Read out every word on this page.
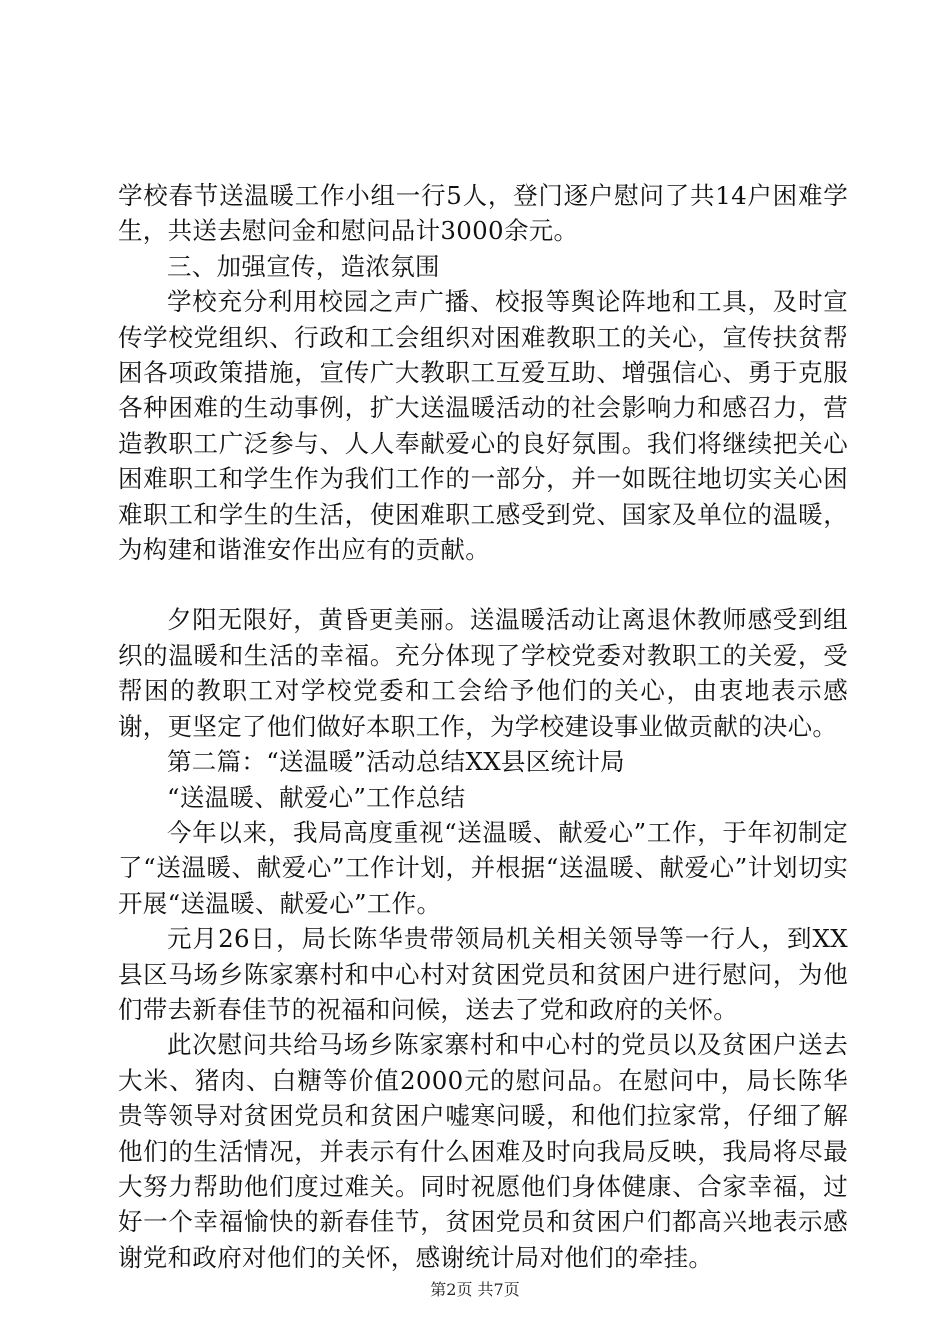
学校春节送温暖工作小组一行5人，登门逐户慰问了共14户困难学生，共送去慰问金和慰问品计3000余元。

三、加强宣传，造浓氛围

学校充分利用校园之声广播、校报等舆论阵地和工具，及时宣传学校党组织、行政和工会组织对困难教职工的关心，宣传扶贫帮困各项政策措施，宣传广大教职工互爱互助、增强信心、勇于克服各种困难的生动事例，扩大送温暖活动的社会影响力和感召力，营造教职工广泛参与、人人奉献爱心的良好氛围。我们将继续把关心困难职工和学生作为我们工作的一部分，并一如既往地切实关心困难职工和学生的生活，使困难职工感受到党、国家及单位的温暖，为构建和谐淮安作出应有的贡献。

夕阳无限好，黄昏更美丽。送温暖活动让离退休教师感受到组织的温暖和生活的幸福。充分体现了学校党委对教职工的关爱，受帮困的教职工对学校党委和工会给予他们的关心，由衷地表示感谢，更坚定了他们做好本职工作，为学校建设事业做贡献的决心。

第二篇：“送温暖”活动总结XX县区统计局

“送温暖、献爱心”工作总结

今年以来，我局高度重视“送温暖、献爱心”工作，于年初制定了“送温暖、献爱心”工作计划，并根据“送温暖、献爱心”计划切实开展“送温暖、献爱心”工作。

元月26日，局长陈华贵带领局机关相关领导等一行人，到XX县区马场乡陈家寨村和中心村对贫困党员和贫困户进行慰问，为他们带去新春佳节的祝福和问候，送去了党和政府的关怀。

此次慰问共给马场乡陈家寨村和中心村的党员以及贫困户送去大米、猪肉、白糖等价值2000元的慰问品。在慰问中，局长陈华贵等领导对贫困党员和贫困户嘘寒问暖，和他们拉家常，仔细了解他们的生活情况，并表示有什么困难及时向我局反映，我局将尽最大努力帮助他们度过难关。同时祝愿他们身体健康、合家幸福，过好一个幸福愉快的新春佳节，贫困党员和贫困户们都高兴地表示感谢党和政府对他们的关怀，感谢统计局对他们的牵挂。

第2页 共7页
